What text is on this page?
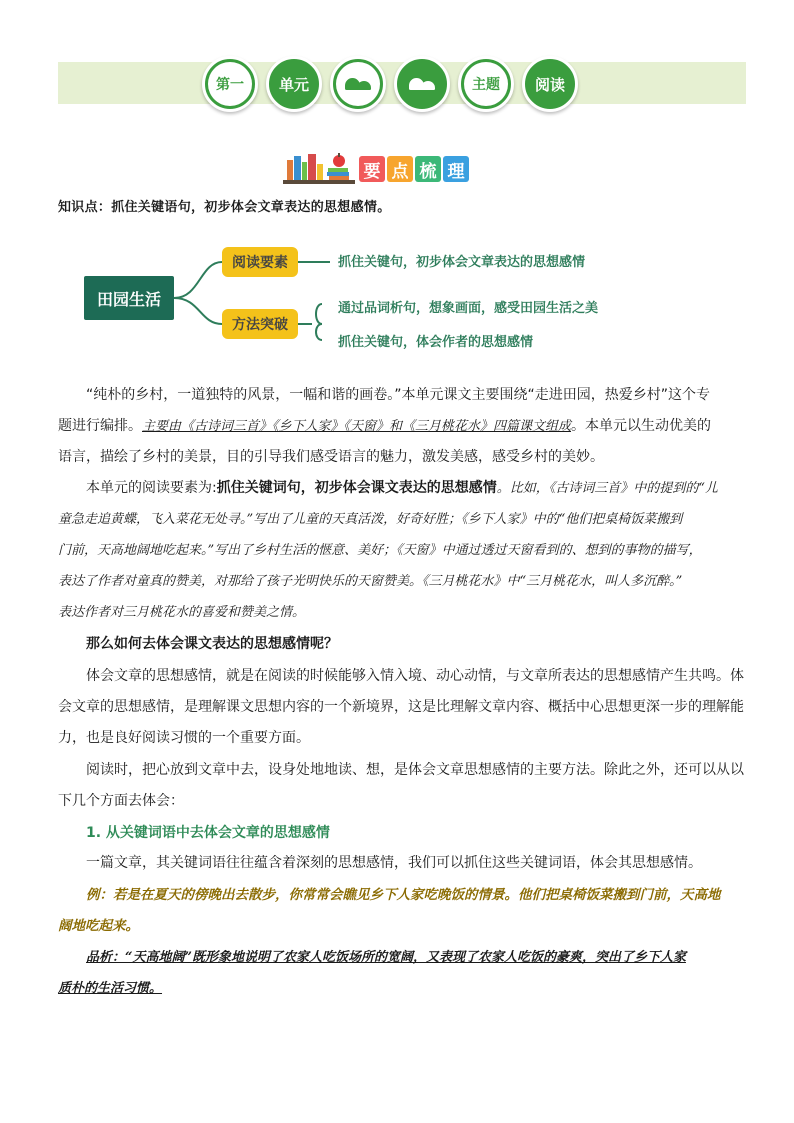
第一	单元	主题	阅读
要 点 梳 理
知识点：抓住关键语句，初步体会文章表达的思想感情。
田园生活
阅读要素
方法突破
抓住关键句，初步体会文章表达的思想感情
通过品词析句，想象画面，感受田园生活之美
抓住关键句，体会作者的思想感情
“纯朴的乡村，一道独特的风景，一幅和谐的画卷。”本单元课文主要围绕“走进田园，热爱乡村”这个专
题进行编排。主要由《古诗词三首》《乡下人家》《天窗》和《三月桃花水》四篇课文组成。本单元以生动优美的
语言，描绘了乡村的美景，目的引导我们感受语言的魅力，激发美感，感受乡村的美妙。
本单元的阅读要素为:抓住关键词句，初步体会课文表达的思想感情。比如，《古诗词三首》中的提到的“儿
童急走追黄蝶，飞入菜花无处寻。”写出了儿童的天真活泼，好奇好胜；《乡下人家》中的“他们把桌椅饭菜搬到
门前，天高地阔地吃起来。”写出了乡村生活的惬意、美好；《天窗》中通过透过天窗看到的、想到的事物的描写，
表达了作者对童真的赞美，对那给了孩子光明快乐的天窗赞美。《三月桃花水》中“三月桃花水，叫人多沉醉。”
表达作者对三月桃花水的喜爱和赞美之情。
那么如何去体会课文表达的思想感情呢？
体会文章的思想感情，就是在阅读的时候能够入情入境、动心动情，与文章所表达的思想感情产生共鸣。体
会文章的思想感情，是理解课文思想内容的一个新境界，这是比理解文章内容、概括中心思想更深一步的理解能
力，也是良好阅读习惯的一个重要方面。
阅读时，把心放到文章中去，设身处地地读、想，是体会文章思想感情的主要方法。除此之外，还可以从以
下几个方面去体会：
1. 从关键词语中去体会文章的思想感情
一篇文章，其关键词语往往蕴含着深刻的思想感情，我们可以抓住这些关键词语，体会其思想感情。
例：若是在夏天的傍晚出去散步，你常常会瞧见乡下人家吃晚饭的情景。他们把桌椅饭菜搬到门前，天高地
阔地吃起来。
品析：“天高地阔”既形象地说明了农家人吃饭场所的宽阔，又表现了农家人吃饭的豪爽，突出了乡下人家
质朴的生活习惯。
